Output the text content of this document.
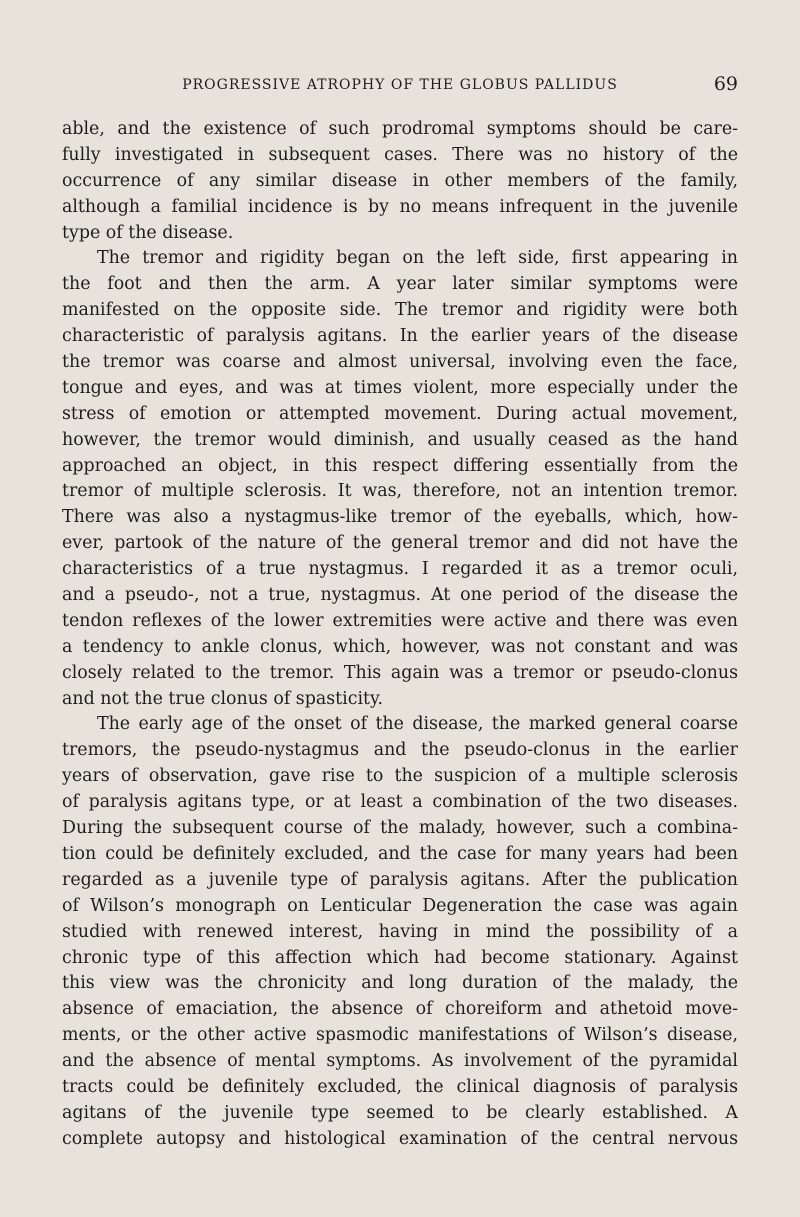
PROGRESSIVE ATROPHY OF THE GLOBUS PALLIDUS	69
able, and the existence of such prodromal symptoms should be care-
fully investigated in subsequent cases. There was no history of the
occurrence of any similar disease in other members of the family,
although a familial incidence is by no means infrequent in the juvenile
type of the disease.
The tremor and rigidity began on the left side, first appearing in
the foot and then the arm. A year later similar symptoms were
manifested on the opposite side. The tremor and rigidity were both
characteristic of paralysis agitans. In the earlier years of the disease
the tremor was coarse and almost universal, involving even the face,
tongue and eyes, and was at times violent, more especially under the
stress of emotion or attempted movement. During actual movement,
however, the tremor would diminish, and usually ceased as the hand
approached an object, in this respect differing essentially from the
tremor of multiple sclerosis. It was, therefore, not an intention tremor.
There was also a nystagmus-like tremor of the eyeballs, which, how-
ever, partook of the nature of the general tremor and did not have the
characteristics of a true nystagmus. I regarded it as a tremor oculi,
and a pseudo-, not a true, nystagmus. At one period of the disease the
tendon reflexes of the lower extremities were active and there was even
a tendency to ankle clonus, which, however, was not constant and was
closely related to the tremor. This again was a tremor or pseudo-clonus
and not the true clonus of spasticity.
The early age of the onset of the disease, the marked general coarse
tremors, the pseudo-nystagmus and the pseudo-clonus in the earlier
years of observation, gave rise to the suspicion of a multiple sclerosis
of paralysis agitans type, or at least a combination of the two diseases.
During the subsequent course of the malady, however, such a combina-
tion could be definitely excluded, and the case for many years had been
regarded as a juvenile type of paralysis agitans. After the publication
of Wilson’s monograph on Lenticular Degeneration the case was again
studied with renewed interest, having in mind the possibility of a
chronic type of this affection which had become stationary. Against
this view was the chronicity and long duration of the malady, the
absence of emaciation, the absence of choreiform and athetoid move-
ments, or the other active spasmodic manifestations of Wilson’s disease,
and the absence of mental symptoms. As involvement of the pyramidal
tracts could be definitely excluded, the clinical diagnosis of paralysis
agitans of the juvenile type seemed to be clearly established. A
complete autopsy and histological examination of the central nervous
